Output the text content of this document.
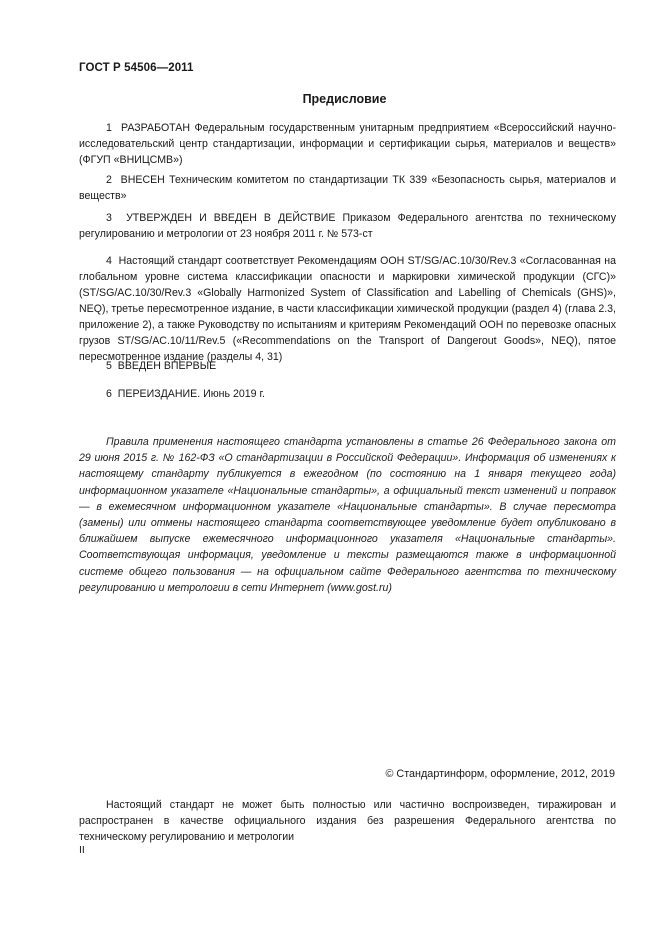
ГОСТ Р 54506—2011
Предисловие

1 РАЗРАБОТАН Федеральным государственным унитарным предприятием «Всероссийский научно-исследовательский центр стандартизации, информации и сертификации сырья, материалов и веществ» (ФГУП «ВНИЦСМВ»)

2 ВНЕСЕН Техническим комитетом по стандартизации ТК 339 «Безопасность сырья, материалов и веществ»

3 УТВЕРЖДЕН И ВВЕДЕН В ДЕЙСТВИЕ Приказом Федерального агентства по техническому регулированию и метрологии от 23 ноября 2011 г. № 573-ст

4 Настоящий стандарт соответствует Рекомендациям ООН ST/SG/AC.10/30/Rev.3 «Согласованная на глобальном уровне система классификации опасности и маркировки химической продукции (СГС)» (ST/SG/AC.10/30/Rev.3 «Globally Harmonized System of Classification and Labelling of Chemicals (GHS)», NEQ), третье пересмотренное издание, в части классификации химической продукции (раздел 4) (глава 2.3, приложение 2), а также Руководству по испытаниям и критериям Рекомендаций ООН по перевозке опасных грузов ST/SG/AC.10/11/Rev.5 («Recommendations on the Transport of Dangerout Goods», NEQ), пятое пересмотренное издание (разделы 4, 31)

5 ВВЕДЕН ВПЕРВЫЕ

6 ПЕРЕИЗДАНИЕ. Июнь 2019 г.

Правила применения настоящего стандарта установлены в статье 26 Федерального закона от 29 июня 2015 г. № 162-ФЗ «О стандартизации в Российской Федерации». Информация об изменениях к настоящему стандарту публикуется в ежегодном (по состоянию на 1 января текущего года) информационном указателе «Национальные стандарты», а официальный текст изменений и поправок — в ежемесячном информационном указателе «Национальные стандарты». В случае пересмотра (замены) или отмены настоящего стандарта соответствующее уведомление будет опубликовано в ближайшем выпуске ежемесячного информационного указателя «Национальные стандарты». Соответствующая информация, уведомление и тексты размещаются также в информационной системе общего пользования — на официальном сайте Федерального агентства по техническому регулированию и метрологии в сети Интернет (www.gost.ru)

© Стандартинформ, оформление, 2012, 2019

Настоящий стандарт не может быть полностью или частично воспроизведен, тиражирован и распространен в качестве официального издания без разрешения Федерального агентства по техническому регулированию и метрологии

II
